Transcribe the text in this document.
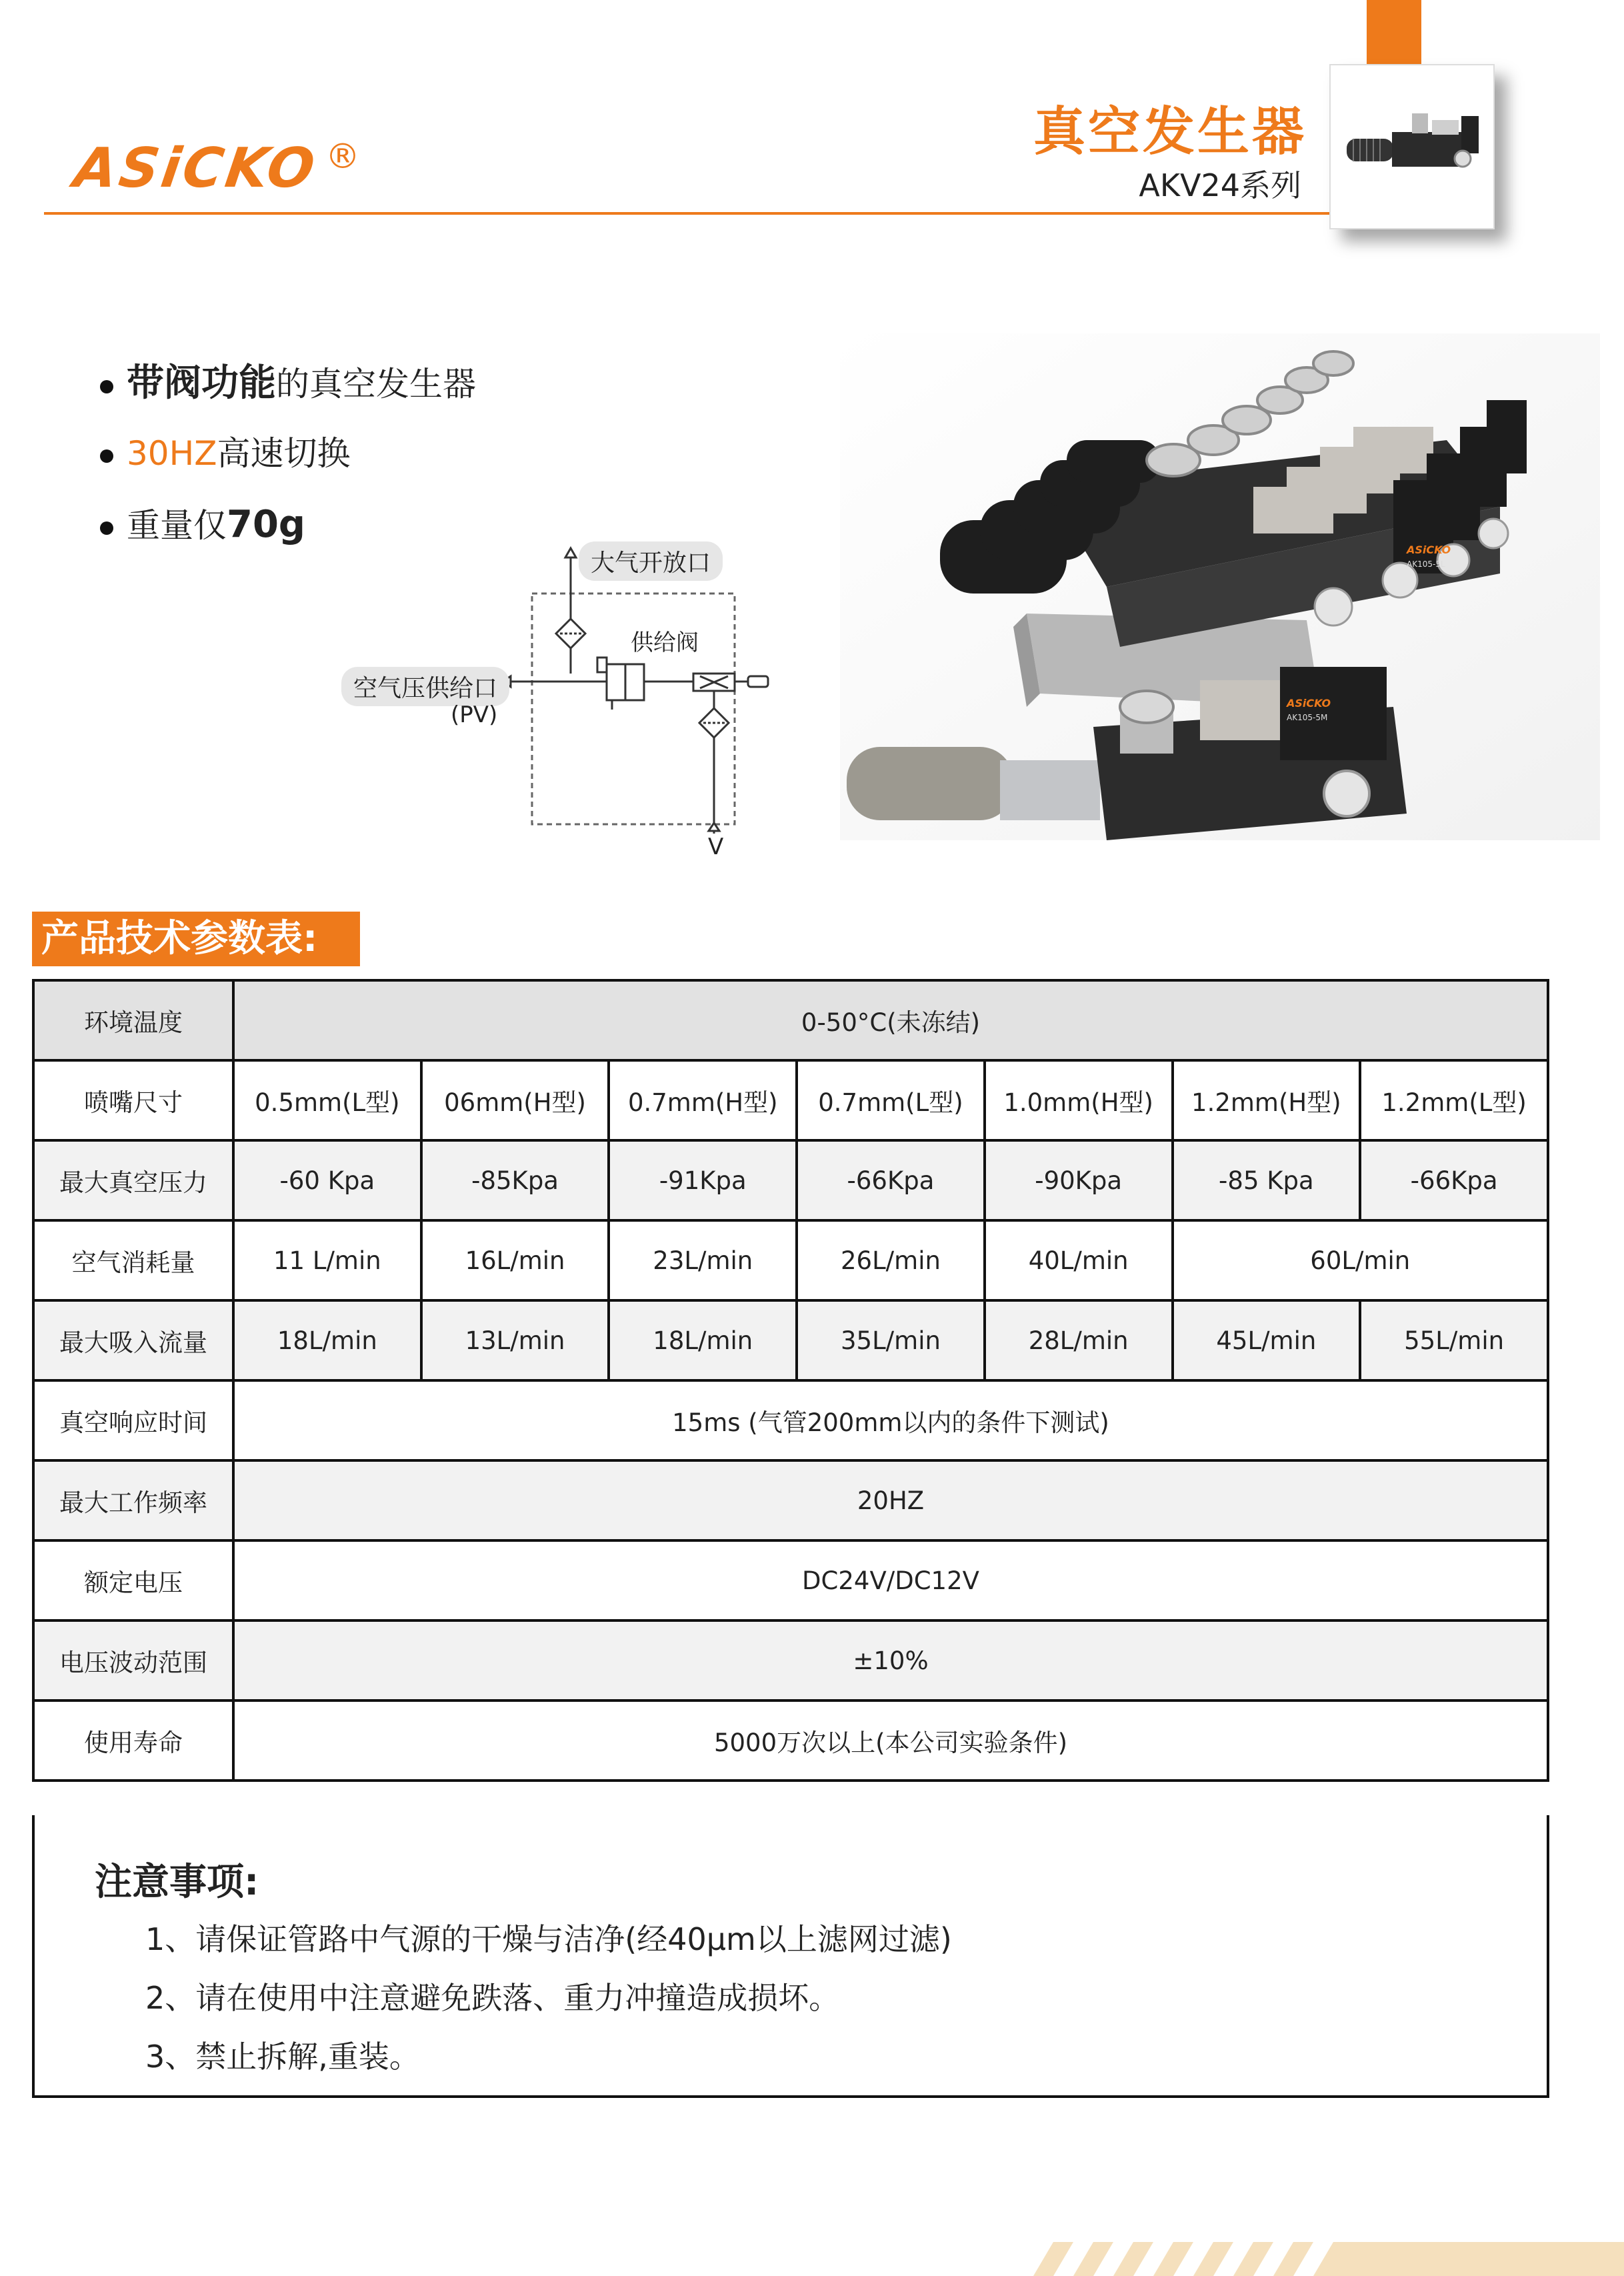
ASiCKO ®	真空发生器
AKV24系列
带阀功能的真空发生器
30HZ高速切换
重量仅70g
大气开放口
供给阀
空气压供给口
(PV)
V
ASiCKO
AK105-5L
ASiCKO
AK105-5M
产品技术参数表:
环境温度	0-50°C(未冻结)						
喷嘴尺寸	0.5mm(L型)	06mm(H型)	0.7mm(H型)	0.7mm(L型)	1.0mm(H型)	1.2mm(H型)	1.2mm(L型)
最大真空压力	-60 Kpa	-85Kpa	-91Kpa	-66Kpa	-90Kpa	-85 Kpa	-66Kpa
空气消耗量	11 L/min	16L/min	23L/min	26L/min	40L/min	60L/min	
最大吸入流量	18L/min	13L/min	18L/min	35L/min	28L/min	45L/min	55L/min
真空响应时间	15ms (气管200mm以内的条件下测试)						
最大工作频率	20HZ						
额定电压	DC24V/DC12V						
电压波动范围	±10%						
使用寿命	5000万次以上(本公司实验条件)						
注意事项:
1、请保证管路中气源的干燥与洁净(经40μm以上滤网过滤)
2、请在使用中注意避免跌落、重力冲撞造成损坏。
3、禁止拆解,重装。
